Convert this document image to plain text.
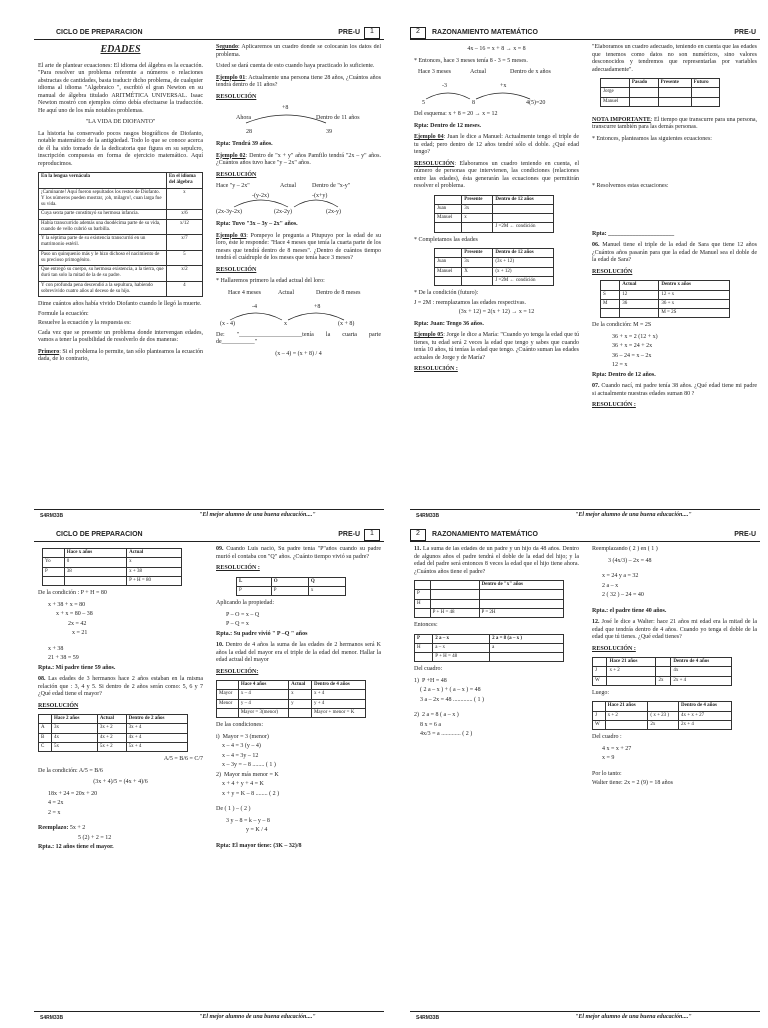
CICLO DE PREPARACION	PRE-U	1
EDADES

El arte de plantear ecuaciones: El idioma del álgebra es la ecuación. "Para resolver un problema referente a números o relaciones abstractas de cantidades, basta traducir dicho problema, de cualquier idioma al idioma "Algebraico ", escribió el gran Newton en su manual de álgebra titulado ARITMÉTICA UNIVERSAL. Isaac Newton mostró con ejemplos cómo debía efectuarse la traducción. He aquí uno de los más notables problemas.

"LA VIDA DE DIOFANTO"

La historia ha conservado pocos rasgos biográficos de Diofanto, notable matemático de la antigüedad. Todo lo que se conoce acerca de él ha sido tomado de la dedicatoria que figura en su sepulcro, inscripción compuesta en forma de ejercicio matemático. Aquí reproducimos.

En la lengua vernácula	En el idioma del álgebra
¡Caminante! Aquí fueron sepultados los restos de Diofanto. Y los números pueden mostrar, ¡oh, milagro!, cuan larga fue su vida.	x
Cuya sexta parte constituyó su hermosa infancia.	x/6
Había transcurrido además una duodécima parte de su vida, cuando de vello cubrió su barbilla.	x/12
Y la séptima parte de su existencia transcurrió en un matrimonio estéril.	x/7
Paso un quinquenio más y le hizo dichoso el nacimiento de su precioso primogénito.	5
Que entregó su cuerpo, su hermosa existencia, a la tierra, que duró tan solo la mitad de la de su padre.	x/2
Y con profunda pena descendió a la sepultura, habiendo sobrevivido cuatro años al deceso de su hijo.	4

Dime cuántos años había vivido Diofanto cuando le llegó la muerte.

Formule la ecuación:

Resuelve la ecuación y la respuesta es:

Cada vez que se presente un problema donde intervengan edades, vamos a tener la posibilidad de resolverlo de dos maneras:

Primero: Si el problema lo permite, tan sólo plantearnos la ecuación dada, de lo contrario,

Segundo: Aplicaremos un cuadro donde se colocarán los datos del problema.

Usted se dará cuenta de esto cuando haya practicado lo suficiente.

Ejemplo 01: Actualmente una persona tiene 28 años, ¿Cuántos años tendrá dentro de 11 años?

RESOLUCIÓN

+8
Ahora	Dentro de 11 años
28	39

Rpta: Tendrá 39 años.

Ejemplo 02: Dentro de "x + y" años Pamfilo tendrá "2x – y" años. ¿Cuántos años tuvo hace "y – 2x" años.

RESOLUCIÓN

Hace "y – 2x"	Actual	Dentro de "x-y"
-(y-2x)	-(x+y)
(2x-3y-2x)	(2x-2y)	(2x-y)

Rpta: Tuvo "3x – 3y – 2x" años.

Ejemplo 03: Pompeyo le pregunta a Pitupuyo por la edad de su loro, éste le responde: "Hace 4 meses que tenía la cuarta parte de los meses que tendrá dentro de 8 meses". ¿Dentro de cuántos tiempo tendrá el cuádruple de los meses que tenía hace 3 meses?

RESOLUCIÓN

* Hallaremos primero la edad actual del loro:

Hace 4 meses	Actual	Dentro de 8 meses
-4	+8
(x - 4)	x	(x + 8)

De: "_____________________tenía la cuarta parte de___________"

(x – 4) = (x + 8) / 4

S4RM33B	"El mejor alumno de una buena educación...."
2	RAZONAMIENTO MATEMÁTICO	PRE-U

4x – 16 = x + 8 → x = 8

* Entonces, hace 3 meses tenía 8 - 3 = 5 meses.

Hace 3 meses	Actual	Dentro de x años
-3	+x
5	8	4(5)=20

Del esquema: x + 8 = 20 → x = 12

Rpta: Dentro de 12 meses.

Ejemplo 04: Juan le dice a Manuel: Actualmente tengo el triple de tu edad; pero dentro de 12 años tendré sólo el doble. ¿Qué edad tengo?

RESOLUCIÓN: Elaboramos un cuadro teniendo en cuenta, el número de personas que intervienen, las condiciones (relaciones entre las edades), ésta generarán las ecuaciones que permitirán resolver el problema.

	Presente	Dentro de 12 años
Juan	3x	
Manuel	x	
		J =2M ← condición

* Completamos las edades

	Presente	Dentro de 12 años
Juan	3x	(3x + 12)
Manuel	X	(x + 12)
		J =2M ← condición

* De la condición (futuro):

J = 2M : reemplazamos las edades respectivas.

(3x + 12) = 2(x + 12) → x = 12

Rpta: Juan: Tengo 36 años.

Ejemplo 05: Jorge le dice a María: "Cuando yo tenga la edad que tú tienes, tu edad será 2 veces la edad que tengo y sabes que cuando tenía 10 años, tú tenías la edad que tengo. ¿Cuánto suman las edades actuales de Jorge y de María?

RESOLUCIÓN :

"Elaboramos un cuadro adecuado, teniendo en cuenta que las edades que tenemos como datos no son numéricos, sino valores desconocidos y tendremos que representarlas por variables adecuadamente".

	Pasado	Presente	Futuro
Jorge			
Manuel			

NOTA IMPORTANTE: El tiempo que transcurre para una persona, transcurre también para las demás personas.

* Entonces, planteamos las siguientes ecuaciones:

* Resolvemos estas ecuaciones:

Rpta: ______________________

06. Manuel tiene el triple de la edad de Sara que tiene 12 años ¿Cuántos años pasarán para que la edad de Manuel sea el doble de la edad de Sara?

RESOLUCIÓN

	Actual	Dentro x años
S	12	12 + x
M	36	36 + x
		M = 2S

De la condición: M = 2S

36 + x = 2 (12 + x)

36 + x = 24 + 2x

36 – 24 = x – 2x

12 = x

Rpta: Dentro de 12 años.

07. Cuando nací, mi padre tenía 38 años. ¿Qué edad tiene mi padre si actualmente nuestras edades suman 80 ?

RESOLUCIÓN :

S4RM33B	"El mejor alumno de una buena educación...."
CICLO DE PREPARACION	PRE-U	1
	Hace x años	Actual
Yo	0	x
P	38	x + 38
		P + H = 80

De la condición : P + H = 80

x + 38 + x = 80

x + x = 80 – 38

2x = 42

x = 21

x + 38

21 + 38 = 59

Rpta.: Mi padre tiene 59 años.

08. Las edades de 3 hermanos hace 2 años estaban en la misma relación que : 3, 4 y 5. Si dentro de 2 años serán como: 5, 6 y 7 ¿Qué edad tiene el mayor?

RESOLUCIÓN

	Hace 2 años	Actual	Dentro de 2 años
A	3x	3x + 2	3x + 4
B	4x	4x + 2	4x + 4
C	5x	5x + 2	5x + 4

A/5 = B/6 = C/7

De la condición: A/5 = B/6

(3x + 4)/5 = (4x + 4)/6

18x + 24 = 20x + 20

4 = 2x

2 = x

Reemplazo: 5x + 2

5 (2) + 2 = 12

Rpta.: 12 años tiene el mayor.

09. Cuando Luis nació, Su padre tenía "P"años cuando su padre murió el contaba con "Q" años. ¿Cuánto tiempo vivió su padre?

RESOLUCIÓN :

L	O	Q
P	P	x

Aplicando la propiedad:

P – O = x – Q

P – Q = x

Rpta.: Su padre vivió " P –Q " años

10. Dentro de 4 años la suma de las edades de 2 hermanos será K años la edad del mayor era el triple de la edad del menor. Hallar la edad actual del mayor

RESOLUCIÓN:

	Hace 4 años	Actual	Dentro de 4 años
Mayor	x – 4	x	x + 4
Menor	y – 4	y	y + 4
	Mayor = 3(menor)		Mayor + menor = K

De las condiciones:

i)  Mayor = 3 (menor)

x – 4 = 3 (y – 4)

x – 4 = 3y – 12

x – 3y = – 8 ........ ( 1 )

2)  Mayor más menor = K

x + 4 + y + 4 = K

x + y = K – 8 ........ ( 2 )

De ( 1 ) – ( 2 )

3 y – 8 = k – y – 8

y = K / 4

Rpta: El mayor tiene: (3K – 32)/8

S4RM33B	"El mejor alumno de una buena educación...."
2	RAZONAMIENTO MATEMÁTICO	PRE-U

11. La suma de las edades de un padre y un hijo da 48 años. Dentro de algunos años el padre tendrá el doble de la edad del hijo; y la edad del padre será entonces 8 veces la edad que el hijo tiene ahora. ¿Cuántos años tiene el padre?

		Dentro de "x" años
P		
H		
	P + H = 48	P = 2H

Entonces:

P	2 a – x	2 a = 8 (a – x )
H	a – x	a
	P + H = 48	

Del cuadro:

1)  P +H = 48

( 2 a – x ) + ( a – x ) = 48

3 a – 2x = 48 ............. ( 1 )

2)  2 a = 8 ( a – x )

8 x = 6 a

4x/3 = a ............. ( 2 )

Reemplazando ( 2 ) en ( 1 )

3 (4x/3) – 2x = 48

x = 24 y a = 32

2 a – x

2 ( 32 ) – 24 = 40

Rpta.: el padre tiene 40 años.

12. José le dice a Walter: hace 21 años mi edad era la mitad de la edad que tendrás dentro de 4 años. Cuando yo tenga el doble de la edad que tú tienes. ¿Qué edad tienes?

RESOLUCIÓN :

	Hace 21 años		Dentro de 4 años
J	x + 2		4x
W		2x	2x + 4

Luego:

	Hace 21 años		Dentro de 4 años
J	x + 2	( x + 23 )	4x + x + 27
W		2x	2x + 4

Del cuadro :

4 x = x + 27

x = 9

Por lo tanto:

Walter tiene: 2x = 2 (9) = 18 años

S4RM33B	"El mejor alumno de una buena educación...."
